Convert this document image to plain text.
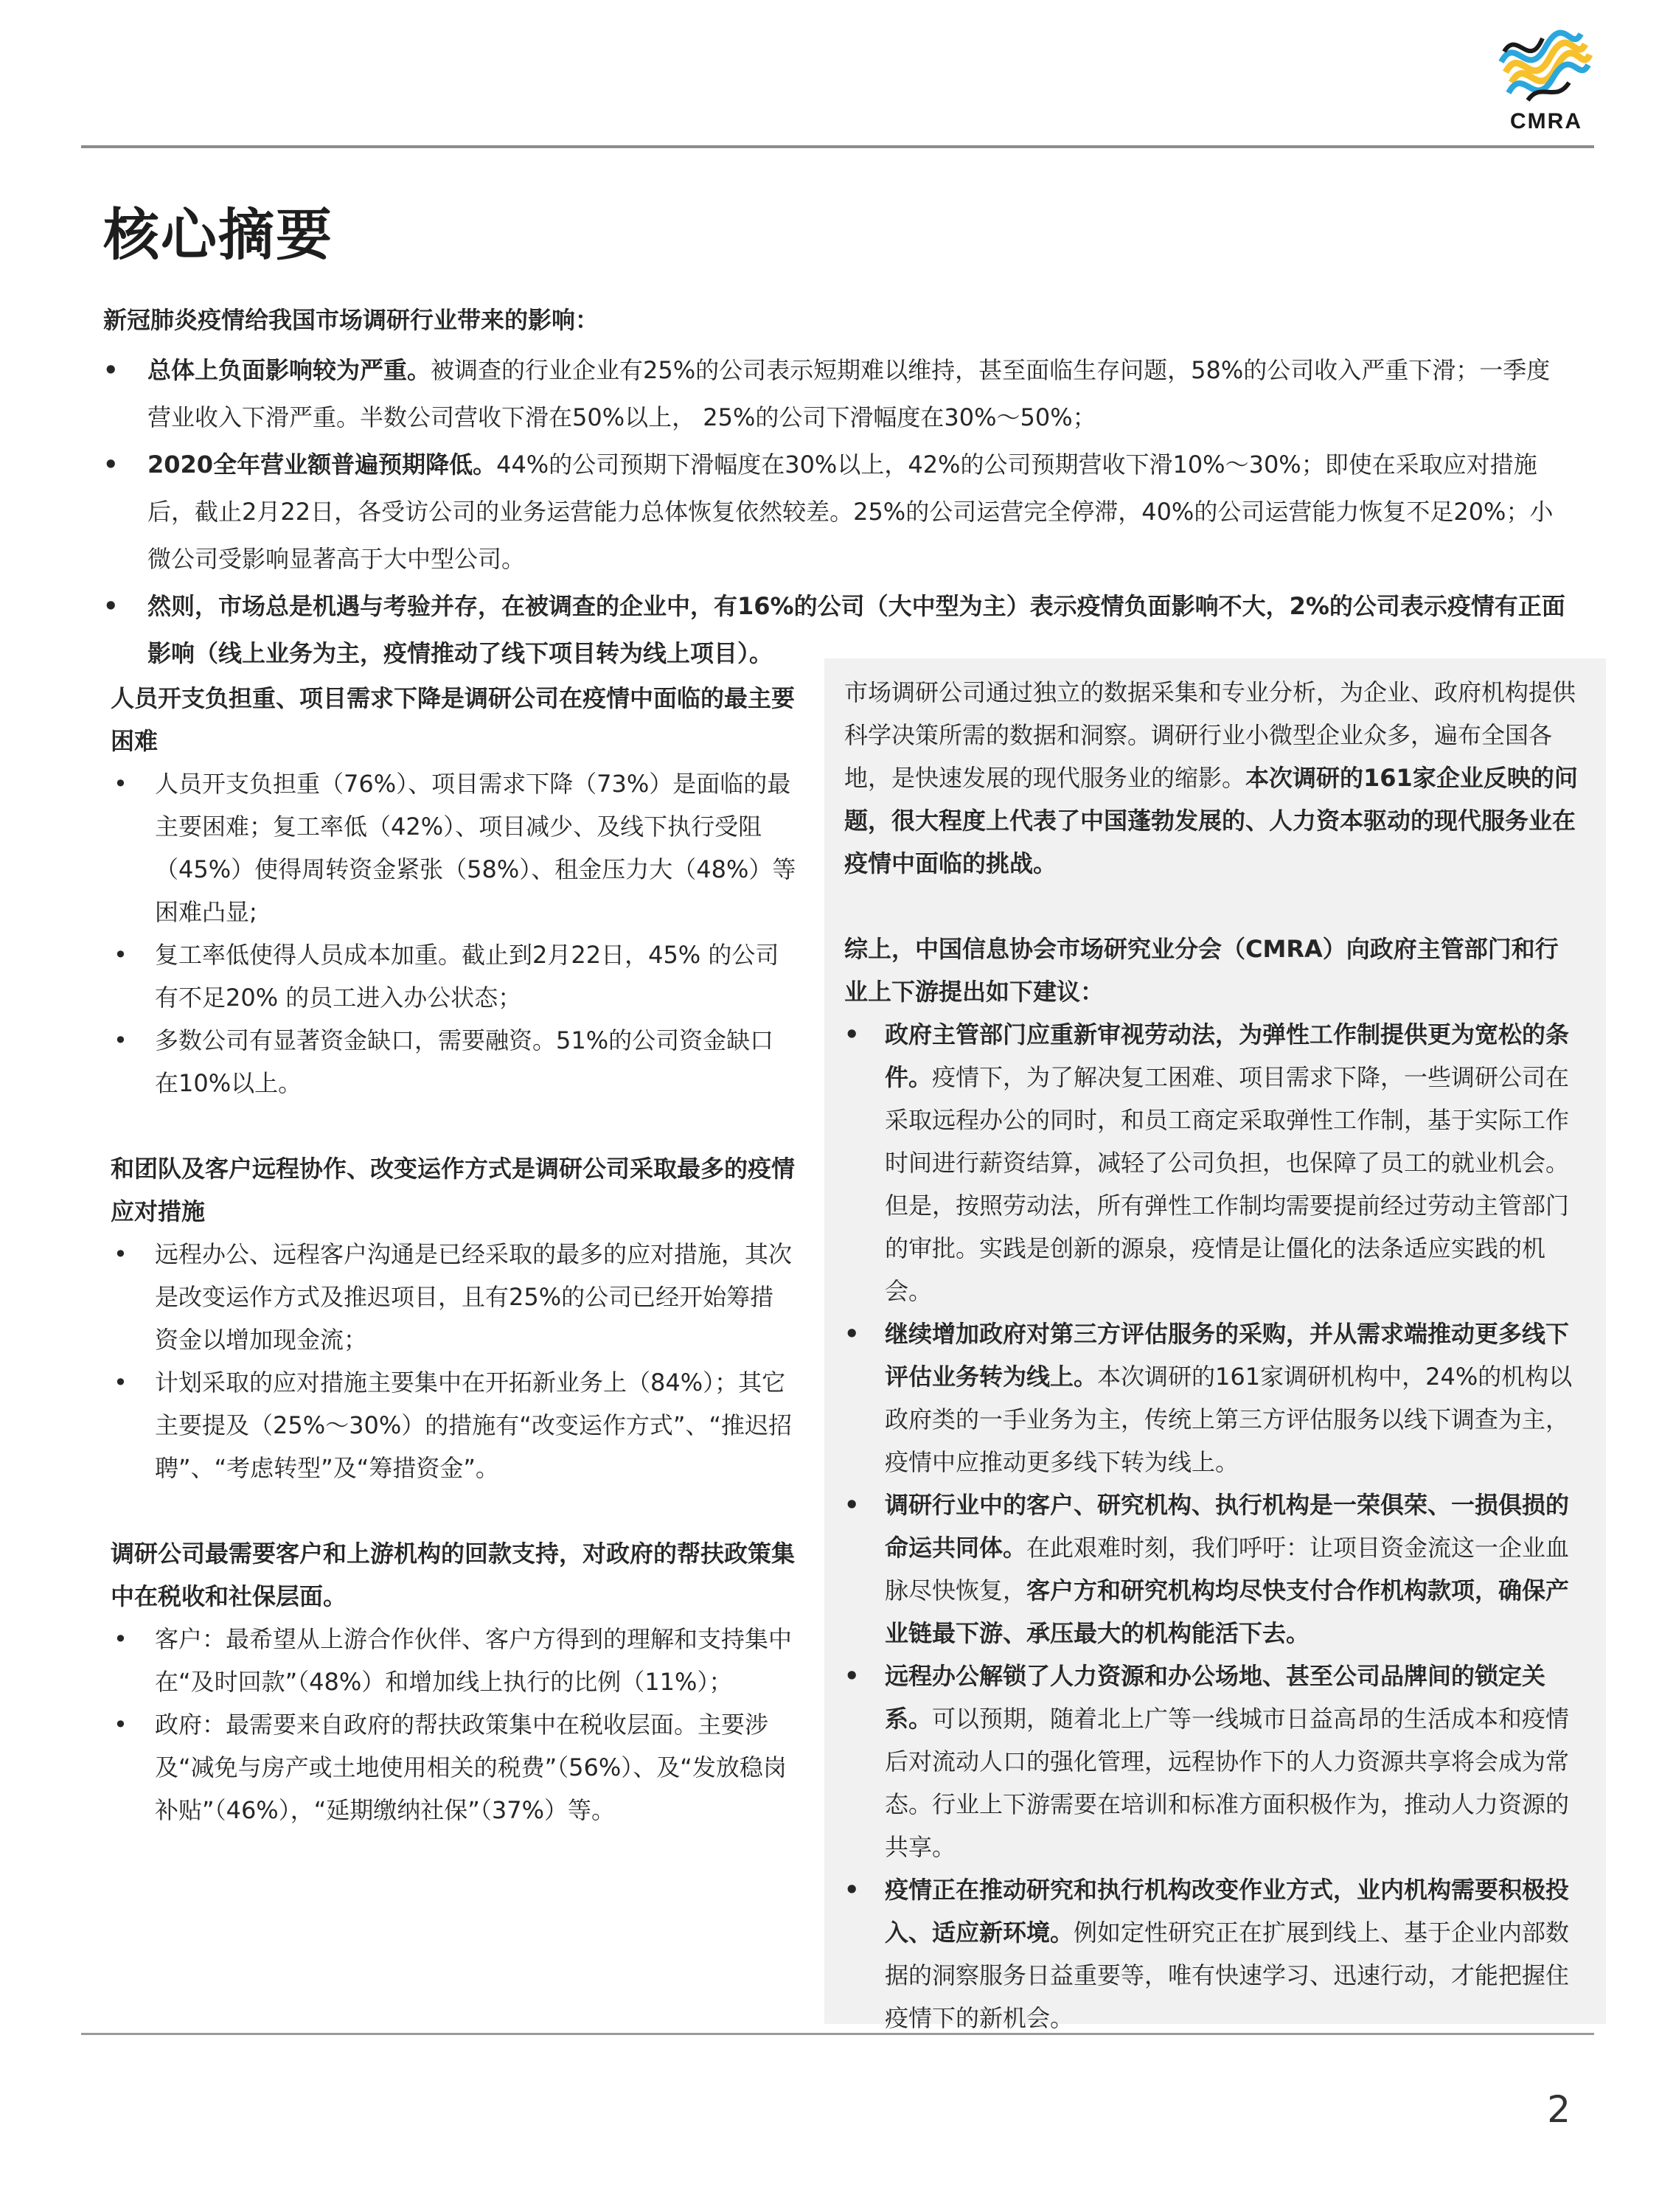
CMRA
核心摘要
新冠肺炎疫情给我国市场调研行业带来的影响：
• 总体上负面影响较为严重。被调查的行业企业有25%的公司表示短期难以维持，甚至面临生存问题，58%的公司收入严重下滑；一季度营业收入下滑严重。半数公司营收下滑在50%以上， 25%的公司下滑幅度在30%～50%；
• 2020全年营业额普遍预期降低。44%的公司预期下滑幅度在30%以上，42%的公司预期营收下滑10%～30%；即使在采取应对措施后，截止2月22日，各受访公司的业务运营能力总体恢复依然较差。25%的公司运营完全停滞，40%的公司运营能力恢复不足20%；小微公司受影响显著高于大中型公司。
• 然则，市场总是机遇与考验并存，在被调查的企业中，有16%的公司（大中型为主）表示疫情负面影响不大，2%的公司表示疫情有正面影响（线上业务为主，疫情推动了线下项目转为线上项目）。

人员开支负担重、项目需求下降是调研公司在疫情中面临的最主要困难

• 人员开支负担重（76%）、项目需求下降（73%）是面临的最主要困难；复工率低（42%）、项目减少、及线下执行受阻（45%）使得周转资金紧张（58%）、租金压力大（48%）等困难凸显;
• 复工率低使得人员成本加重。截止到2月22日，45% 的公司有不足20% 的员工进入办公状态；
• 多数公司有显著资金缺口，需要融资。51%的公司资金缺口在10%以上。

和团队及客户远程协作、改变运作方式是调研公司采取最多的疫情应对措施

• 远程办公、远程客户沟通是已经采取的最多的应对措施，其次是改变运作方式及推迟项目，且有25%的公司已经开始筹措资金以增加现金流；
• 计划采取的应对措施主要集中在开拓新业务上（84%）；其它主要提及（25%～30%）的措施有“改变运作方式”、“推迟招聘”、“考虑转型”及“筹措资金”。

调研公司最需要客户和上游机构的回款支持，对政府的帮扶政策集中在税收和社保层面。

• 客户：最希望从上游合作伙伴、客户方得到的理解和支持集中在“及时回款”（48%）和增加线上执行的比例（11%）；
• 政府：最需要来自政府的帮扶政策集中在税收层面。主要涉及“减免与房产或土地使用相关的税费”（56%）、及“发放稳岗补贴”（46%），“延期缴纳社保”（37%）等。

市场调研公司通过独立的数据采集和专业分析，为企业、政府机构提供科学决策所需的数据和洞察。调研行业小微型企业众多，遍布全国各地，是快速发展的现代服务业的缩影。本次调研的161家企业反映的问题，很大程度上代表了中国蓬勃发展的、人力资本驱动的现代服务业在疫情中面临的挑战。

综上，中国信息协会市场研究业分会（CMRA）向政府主管部门和行业上下游提出如下建议：

• 政府主管部门应重新审视劳动法，为弹性工作制提供更为宽松的条件。疫情下，为了解决复工困难、项目需求下降，一些调研公司在采取远程办公的同时，和员工商定采取弹性工作制，基于实际工作时间进行薪资结算，减轻了公司负担，也保障了员工的就业机会。但是，按照劳动法，所有弹性工作制均需要提前经过劳动主管部门的审批。实践是创新的源泉，疫情是让僵化的法条适应实践的机会。
• 继续增加政府对第三方评估服务的采购，并从需求端推动更多线下评估业务转为线上。本次调研的161家调研机构中，24%的机构以政府类的一手业务为主，传统上第三方评估服务以线下调查为主，疫情中应推动更多线下转为线上。
• 调研行业中的客户、研究机构、执行机构是一荣俱荣、一损俱损的命运共同体。在此艰难时刻，我们呼吁：让项目资金流这一企业血脉尽快恢复，客户方和研究机构均尽快支付合作机构款项，确保产业链最下游、承压最大的机构能活下去。
• 远程办公解锁了人力资源和办公场地、甚至公司品牌间的锁定关系。可以预期，随着北上广等一线城市日益高昂的生活成本和疫情后对流动人口的强化管理，远程协作下的人力资源共享将会成为常态。行业上下游需要在培训和标准方面积极作为，推动人力资源的共享。
• 疫情正在推动研究和执行机构改变作业方式，业内机构需要积极投入、适应新环境。例如定性研究正在扩展到线上、基于企业内部数据的洞察服务日益重要等，唯有快速学习、迅速行动，才能把握住疫情下的新机会。
2
